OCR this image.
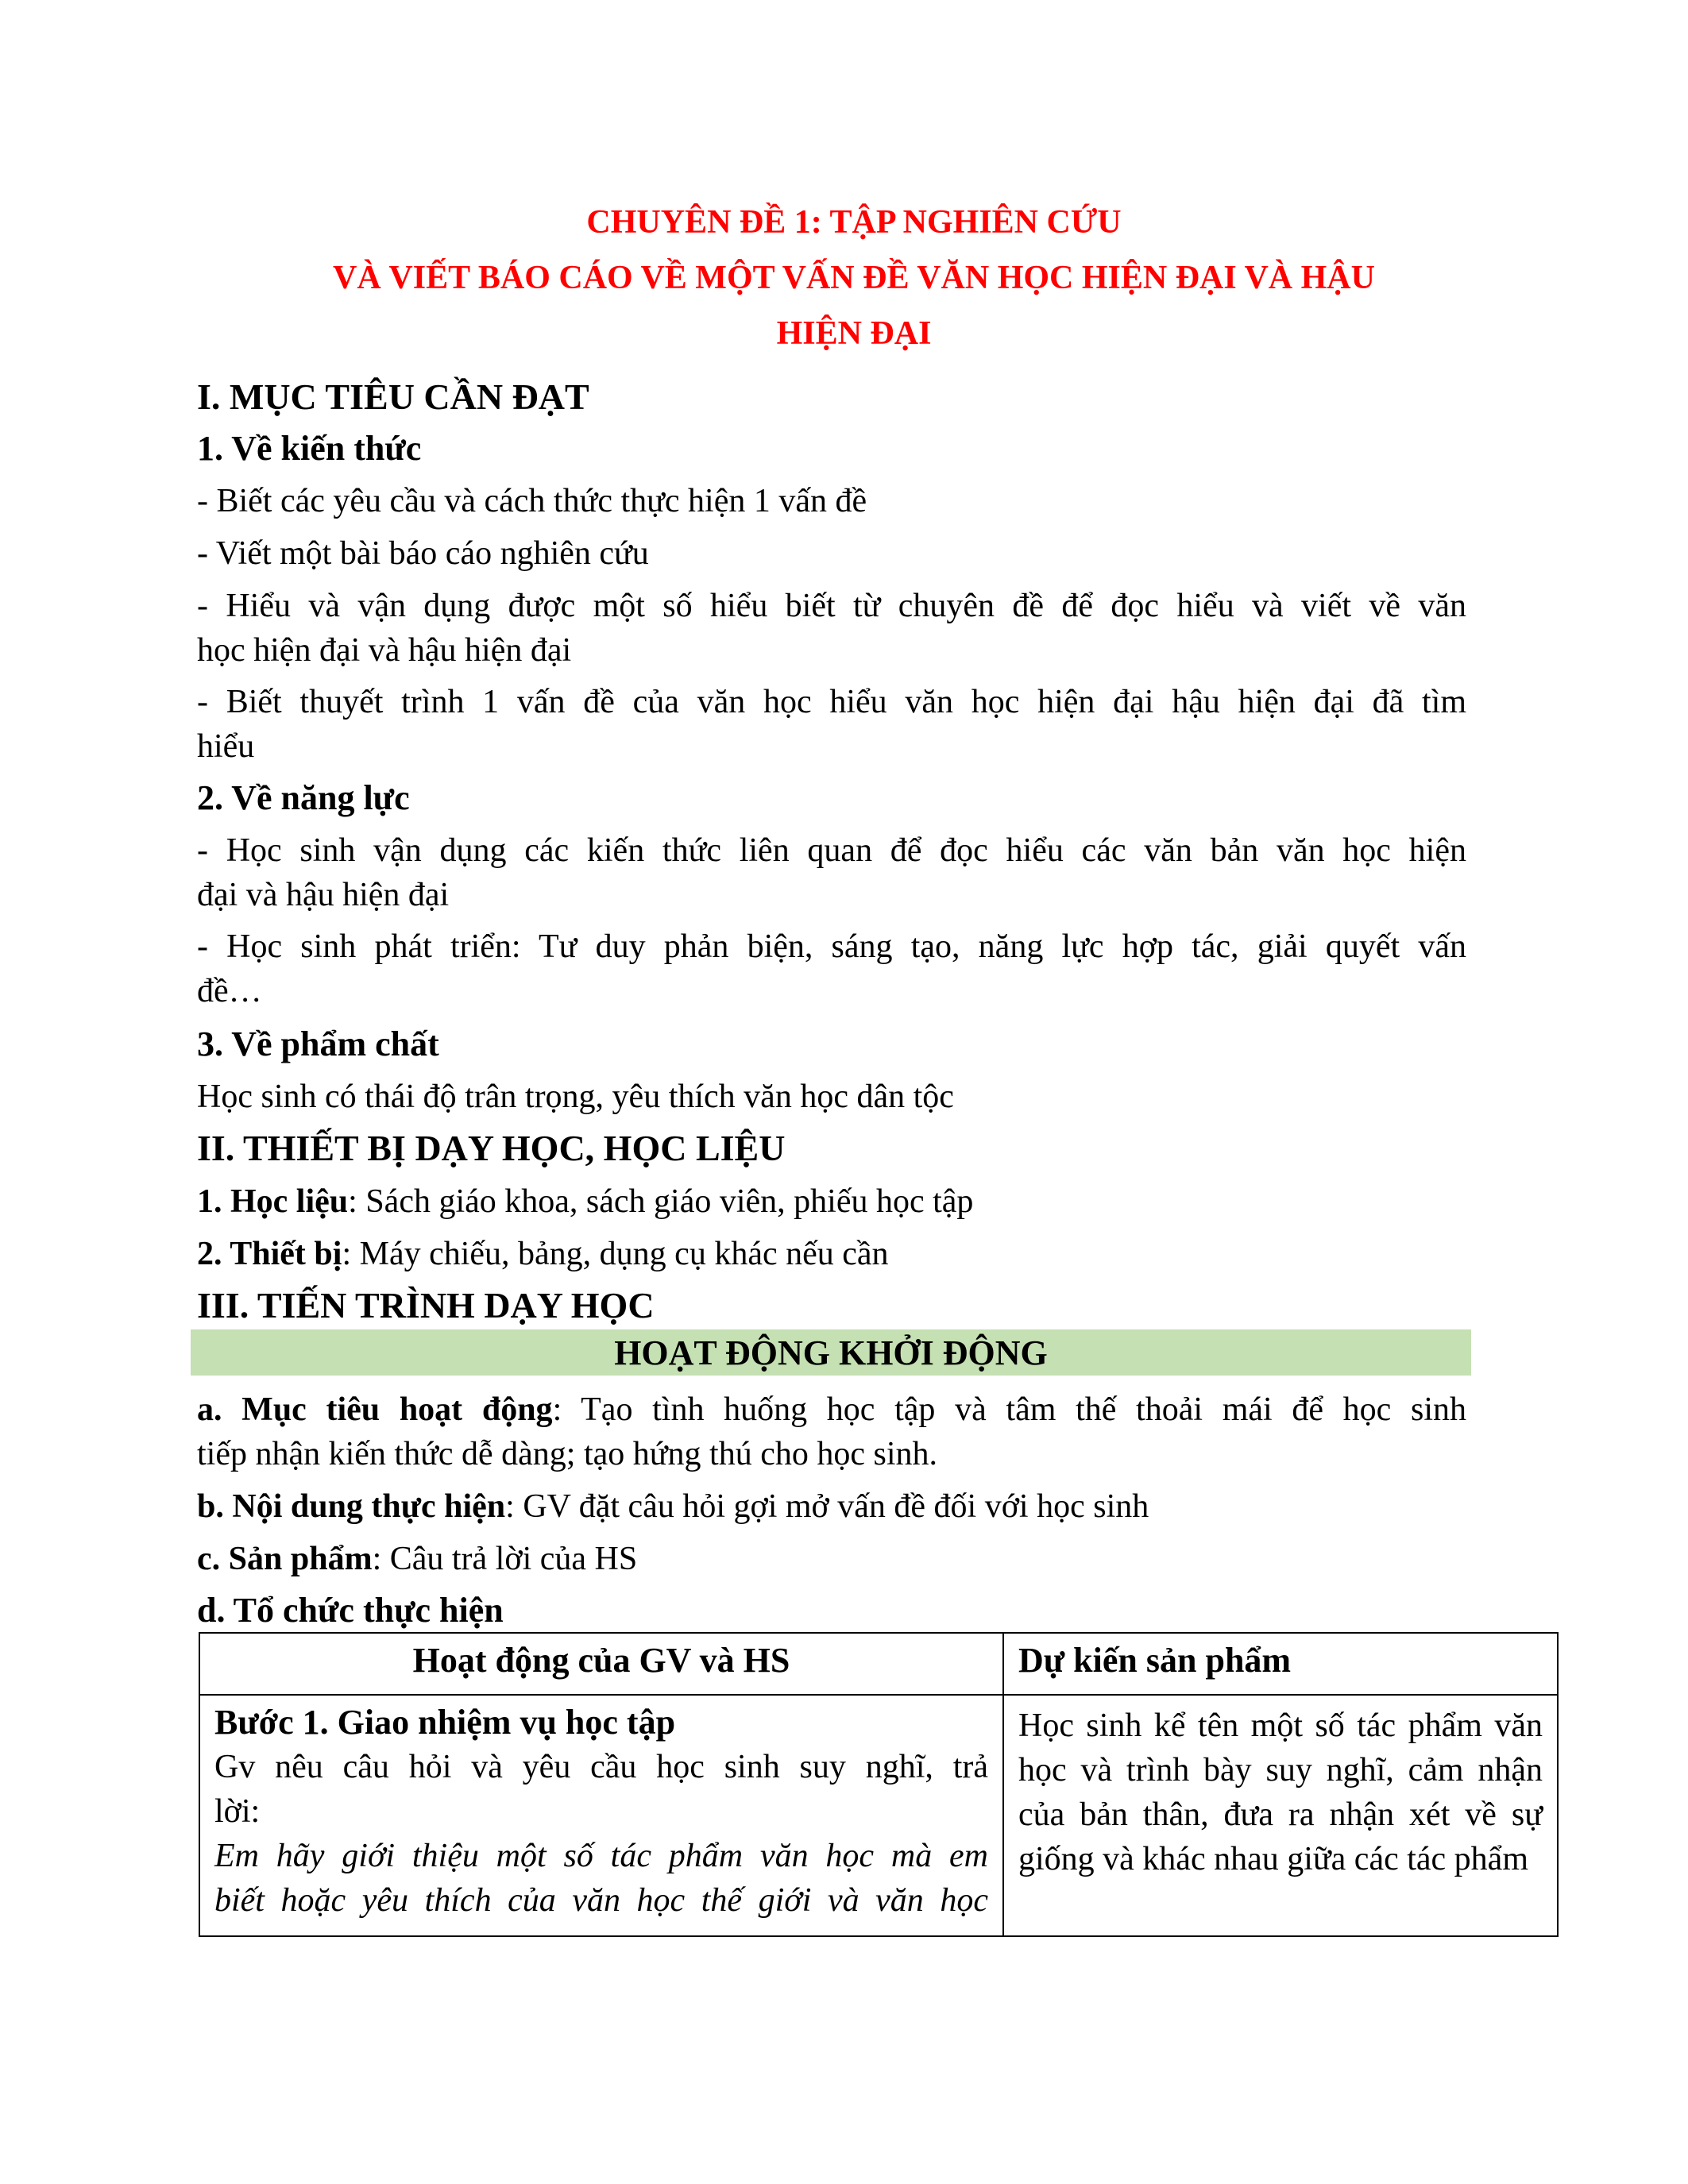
CHUYÊN ĐỀ 1: TẬP NGHIÊN CỨU
VÀ VIẾT BÁO CÁO VỀ MỘT VẤN ĐỀ VĂN HỌC HIỆN ĐẠI VÀ HẬU
HIỆN ĐẠI
I. MỤC TIÊU CẦN ĐẠT
1. Về kiến thức
- Biết các yêu cầu và cách thức thực hiện 1 vấn đề
- Viết một bài báo cáo nghiên cứu
- Hiểu và vận dụng được một số hiểu biết từ chuyên đề để đọc hiểu và viết về văn
học hiện đại và hậu hiện đại
- Biết thuyết trình 1 vấn đề của văn học hiểu văn học hiện đại hậu hiện đại đã tìm
hiểu
2. Về năng lực
- Học sinh vận dụng các kiến thức liên quan để đọc hiểu các văn bản văn học hiện
đại và hậu hiện đại
- Học sinh phát triển: Tư duy phản biện, sáng tạo, năng lực hợp tác, giải quyết vấn
đề…
3. Về phẩm chất
Học sinh có thái độ trân trọng, yêu thích văn học dân tộc
II. THIẾT BỊ DẠY HỌC, HỌC LIỆU
1. Học liệu: Sách giáo khoa, sách giáo viên, phiếu học tập
2. Thiết bị: Máy chiếu, bảng, dụng cụ khác nếu cần
III. TIẾN TRÌNH DẠY HỌC
HOẠT ĐỘNG KHỞI ĐỘNG
a. Mục tiêu hoạt động: Tạo tình huống học tập và tâm thế thoải mái để học sinh
tiếp nhận kiến thức dễ dàng; tạo hứng thú cho học sinh.
b. Nội dung thực hiện: GV đặt câu hỏi gợi mở vấn đề đối với học sinh
c. Sản phẩm: Câu trả lời của HS
d. Tổ chức thực hiện
Hoạt động của GV và HS	Dự kiến sản phẩm

Bước 1. Giao nhiệm vụ học tập

Gv nêu câu hỏi và yêu cầu học sinh suy nghĩ, trả

lời:

Em hãy giới thiệu một số tác phẩm văn học mà em

biết hoặc yêu thích của văn học thế giới và văn học	Học sinh kể tên một số tác phẩm văn học và trình bày suy nghĩ, cảm nhận của bản thân, đưa ra nhận xét về sự giống và khác nhau giữa các tác phẩm
